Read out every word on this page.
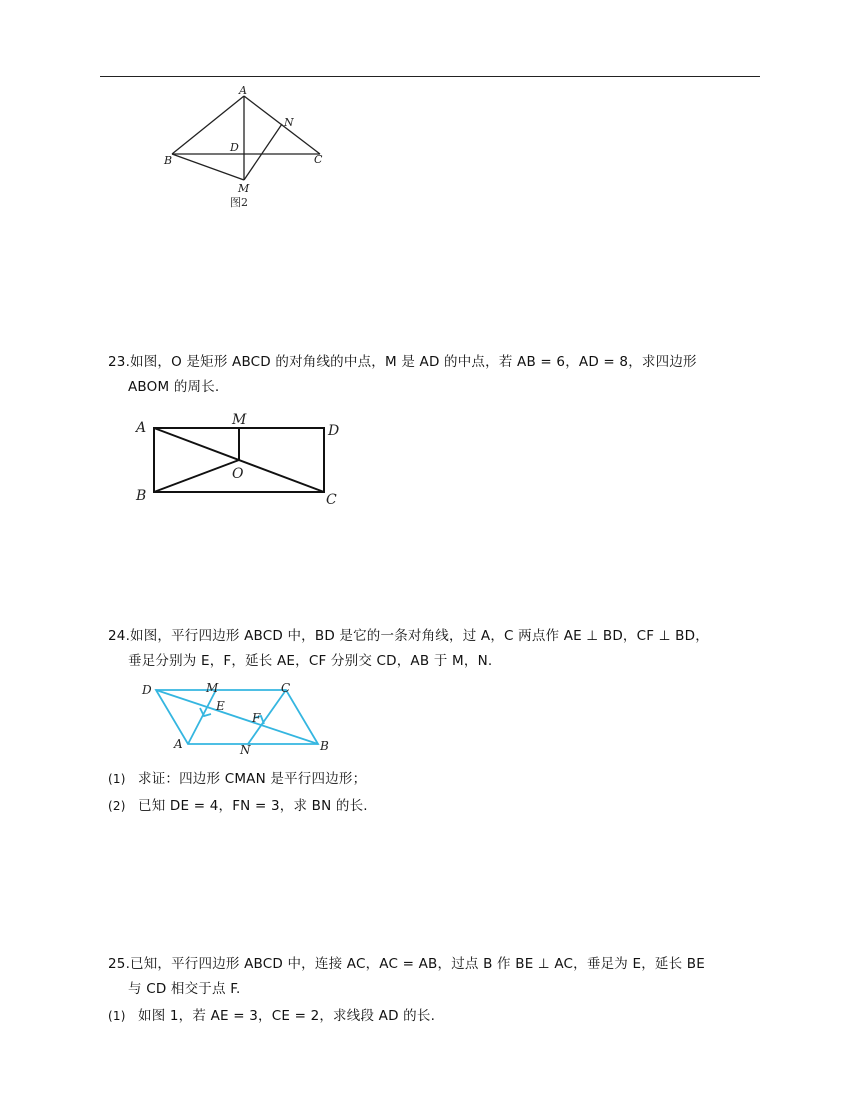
A
B	C
D
M
N
图2
23.如图，O 是矩形 ABCD 的对角线的中点，M 是 AD 的中点，若 AB = 6，AD = 8，求四边形
ABOM 的周长.
A	M
D
B
O
C
24.如图，平行四边形 ABCD 中，BD 是它的一条对角线，过 A，C 两点作 AE ⊥ BD，CF ⊥ BD，
垂足分别为 E，F，延长 AE，CF 分别交 CD，AB 于 M，N.
D	M	C
E
F
A	N	B
(1) 求证：四边形 CMAN 是平行四边形；
(2) 已知 DE = 4，FN = 3，求 BN 的长.
25.已知，平行四边形 ABCD 中，连接 AC，AC = AB，过点 B 作 BE ⊥ AC，垂足为 E，延长 BE
与 CD 相交于点 F.
(1) 如图 1，若 AE = 3，CE = 2，求线段 AD 的长.
